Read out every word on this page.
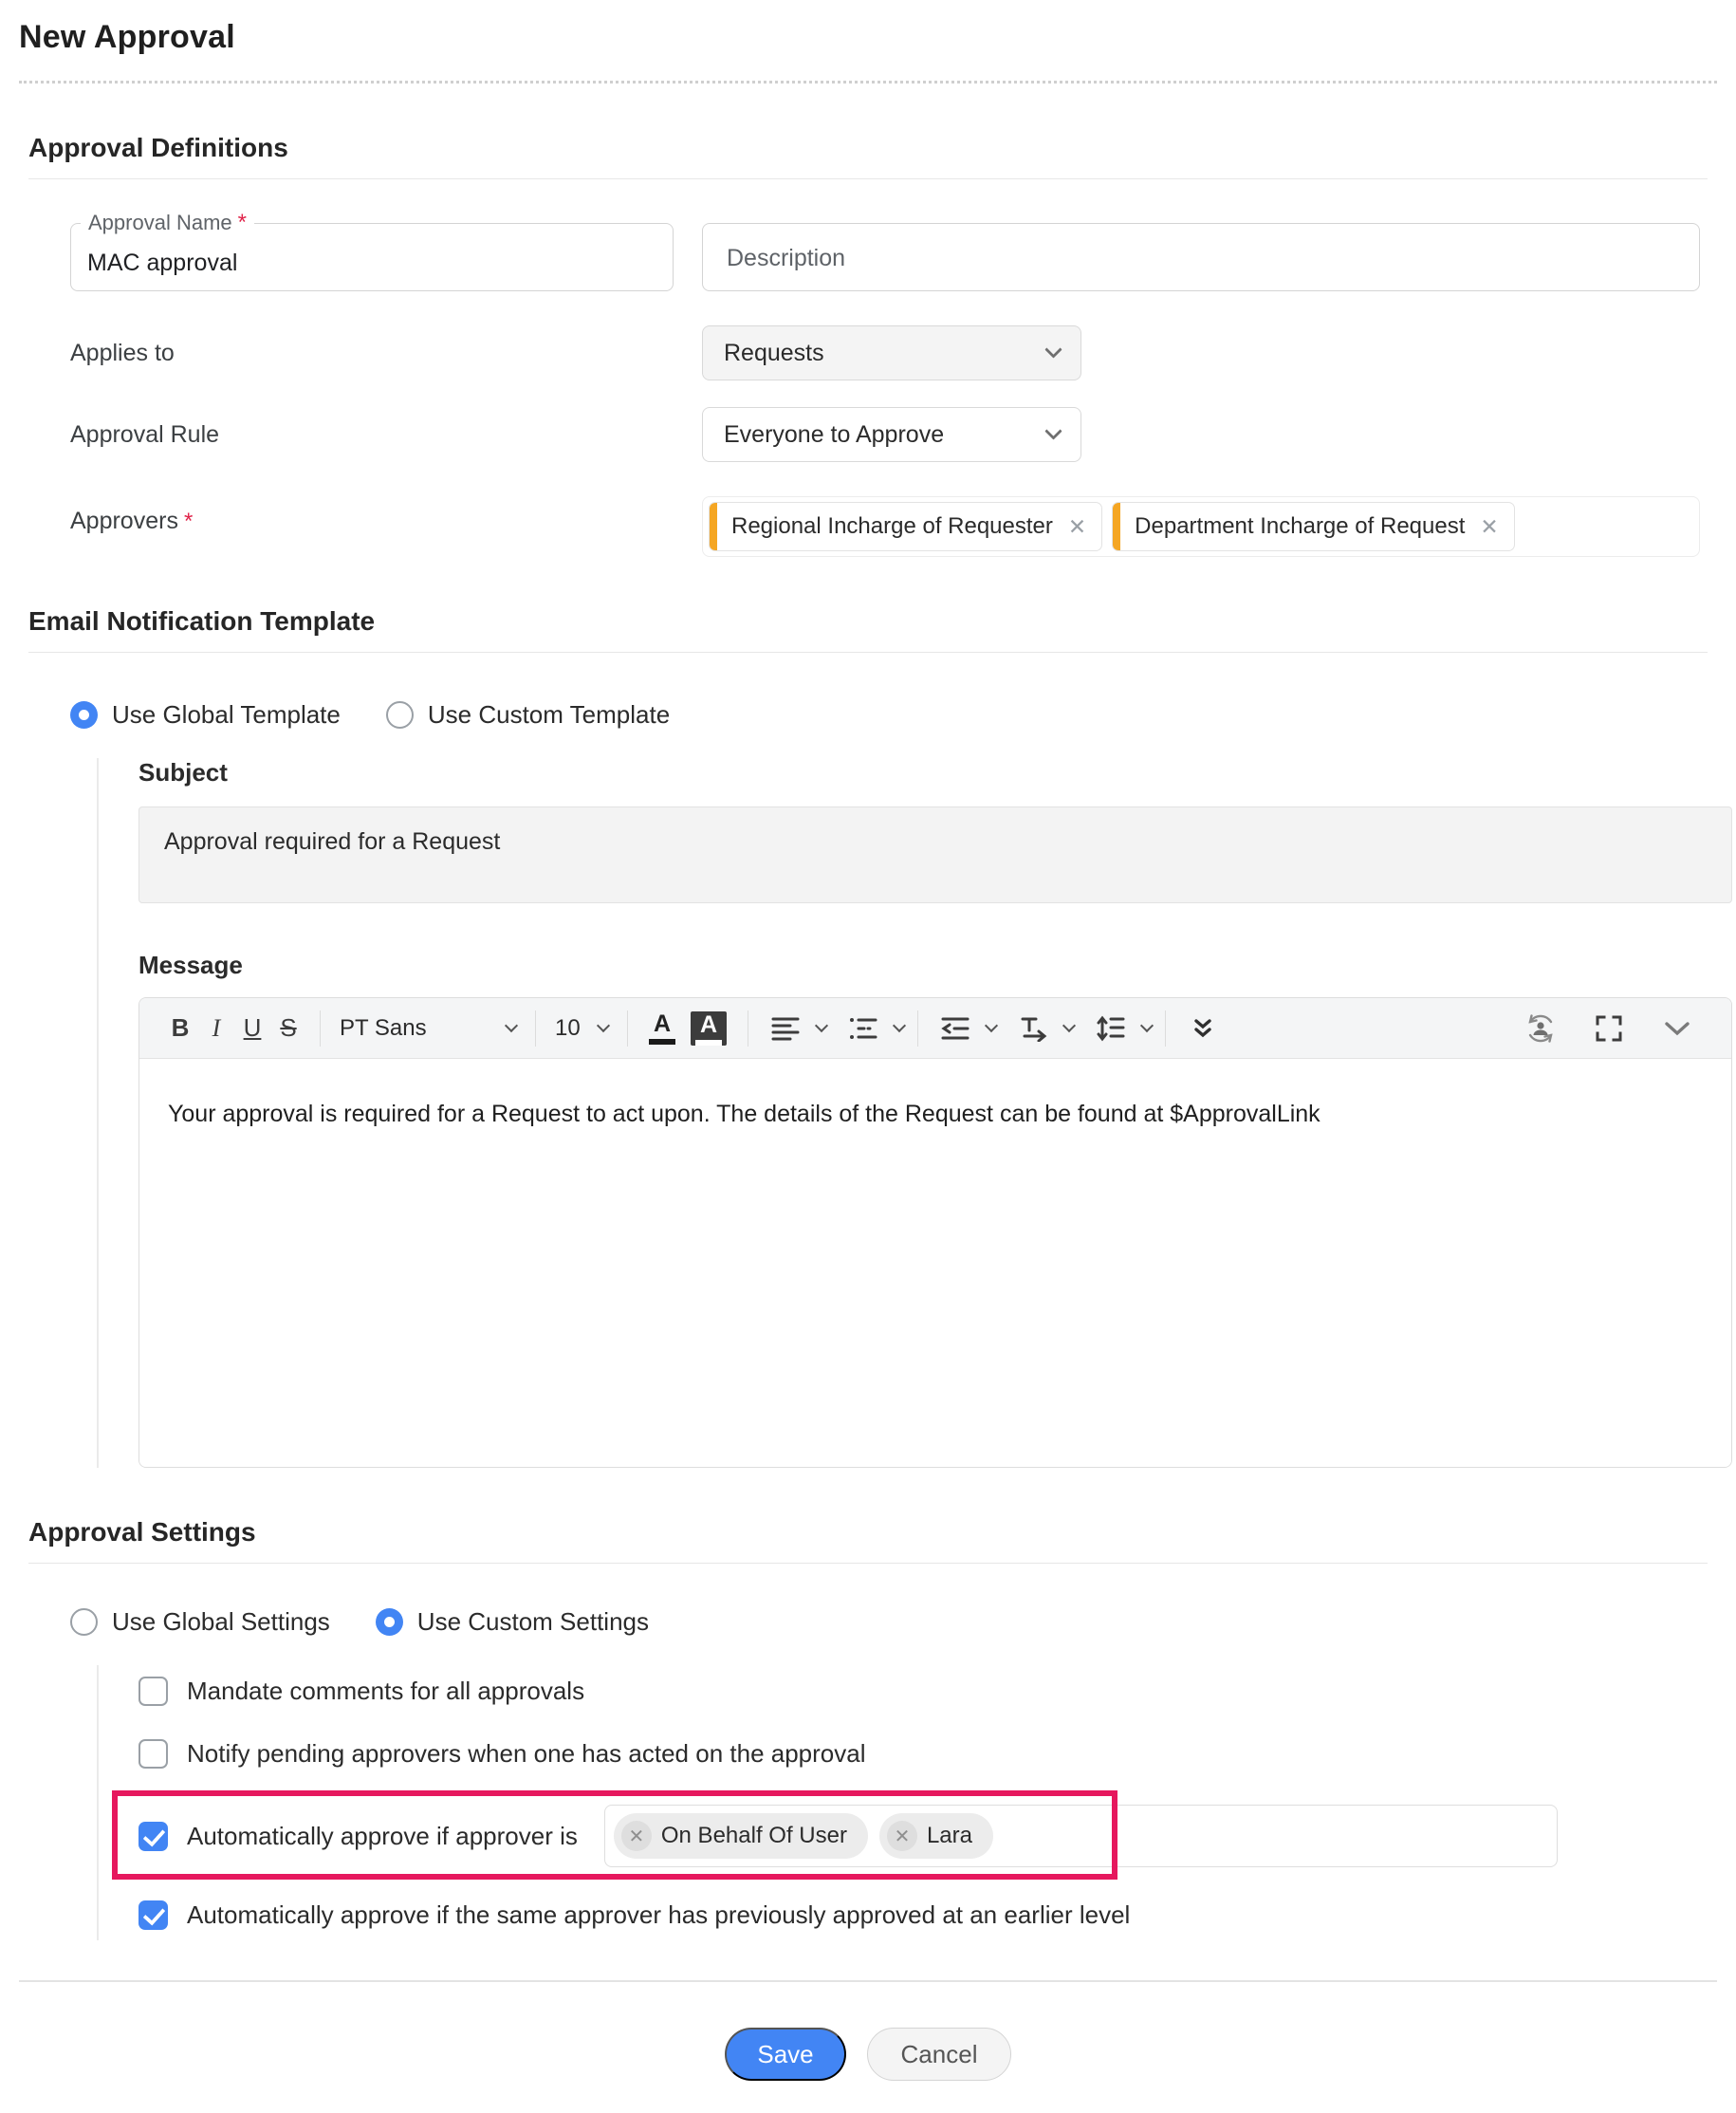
New Approval
Approval Definitions
Approval Name *
MAC approval	Description
Applies to	Requests
Approval Rule	Everyone to Approve
Approvers *	Regional Incharge of Requester ✕	Department Incharge of Request ✕
Email Notification Template
Use Global Template	Use Custom Template
Subject
Approval required for a Request
Message
B I U S	PT Sans	10	A A
Your approval is required for a Request to act upon. The details of the Request can be found at $ApprovalLink
Approval Settings
Use Global Settings	Use Custom Settings
Mandate comments for all approvals
Notify pending approvers when one has acted on the approval
Automatically approve if approver is	✕ On Behalf Of User	✕ Lara
Automatically approve if the same approver has previously approved at an earlier level
Save	Cancel
